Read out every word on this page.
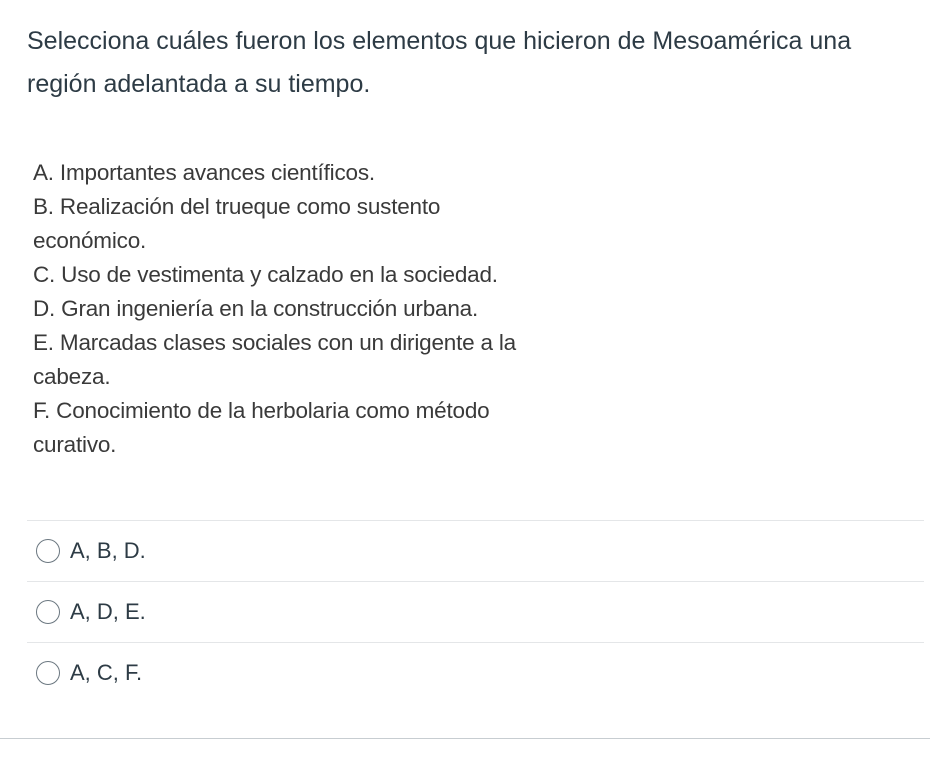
Selecciona cuáles fueron los elementos que hicieron de Mesoamérica una región adelantada a su tiempo.
A. Importantes avances científicos.
B. Realización del trueque como sustento
económico.
C. Uso de vestimenta y calzado en la sociedad.
D. Gran ingeniería en la construcción urbana.
E. Marcadas clases sociales con un dirigente a la
cabeza.
F. Conocimiento de la herbolaria como método
curativo.
A, B, D.
A, D, E.
A, C, F.
